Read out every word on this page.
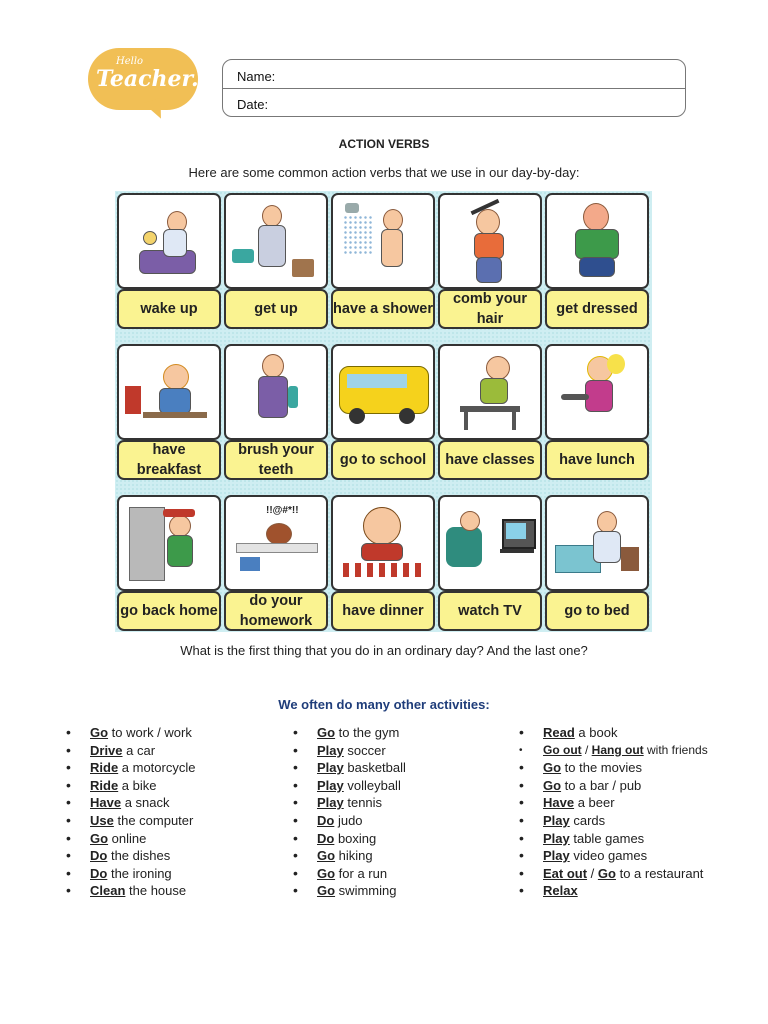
Hello
Teacher.	Name:
Date:
ACTION VERBS
Here are some common action verbs that we use in our day-by-day:
wake up	get up	have a shower
comb your hair
get dressed
have breakfast
brush your teeth
go to school	have classes	have lunch
go back home
!!@#*!!
do your homework
have dinner	watch TV	go to bed
What is the first thing that you do in an ordinary day? And the last one?
We often do many other activities:
• Go to work / work
• Drive a car
• Ride a motorcycle
• Ride a bike
• Have a snack
• Use the computer
• Go online
• Do the dishes
• Do the ironing
• Clean the house
• Go to the gym
• Play soccer
• Play basketball
• Play volleyball
• Play tennis
• Do judo
• Do boxing
• Go hiking
• Go for a run
• Go swimming
• Read a book
• Go out / Hang out with friends
• Go to the movies
• Go to a bar / pub
• Have a beer
• Play cards
• Play table games
• Play video games
• Eat out / Go to a restaurant
• Relax
